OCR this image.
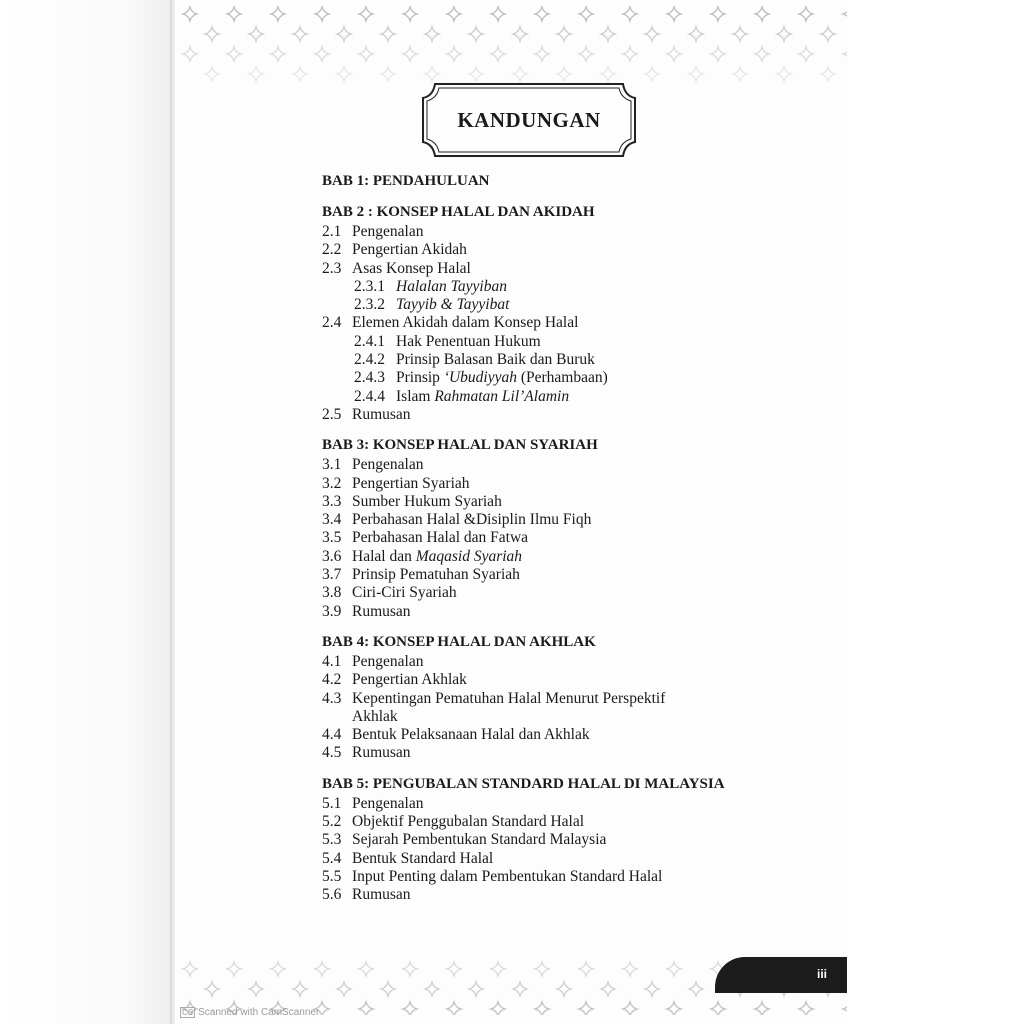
KANDUNGAN
BAB 1: PENDAHULUAN
BAB 2 : KONSEP HALAL DAN AKIDAH
2.1 Pengenalan
2.2 Pengertian Akidah
2.3 Asas Konsep Halal
2.3.1 Halalan Tayyiban
2.3.2 Tayyib & Tayyibat
2.4 Elemen Akidah dalam Konsep Halal
2.4.1 Hak Penentuan Hukum
2.4.2 Prinsip Balasan Baik dan Buruk
2.4.3 Prinsip ‘Ubudiyyah (Perhambaan)
2.4.4 Islam Rahmatan Lil’Alamin
2.5 Rumusan
BAB 3: KONSEP HALAL DAN SYARIAH
3.1 Pengenalan
3.2 Pengertian Syariah
3.3 Sumber Hukum Syariah
3.4 Perbahasan Halal &Disiplin Ilmu Fiqh
3.5 Perbahasan Halal dan Fatwa
3.6 Halal dan Maqasid Syariah
3.7 Prinsip Pematuhan Syariah
3.8 Ciri-Ciri Syariah
3.9 Rumusan
BAB 4: KONSEP HALAL DAN AKHLAK
4.1 Pengenalan
4.2 Pengertian Akhlak
4.3 Kepentingan Pematuhan Halal Menurut Perspektif
Akhlak
4.4 Bentuk Pelaksanaan Halal dan Akhlak
4.5 Rumusan
BAB 5: PENGUBALAN STANDARD HALAL DI MALAYSIA
5.1 Pengenalan
5.2 Objektif Penggubalan Standard Halal
5.3 Sejarah Pembentukan Standard Malaysia
5.4 Bentuk Standard Halal
5.5 Input Penting dalam Pembentukan Standard Halal
5.6 Rumusan
iii
CS Scanned with CamScanner
